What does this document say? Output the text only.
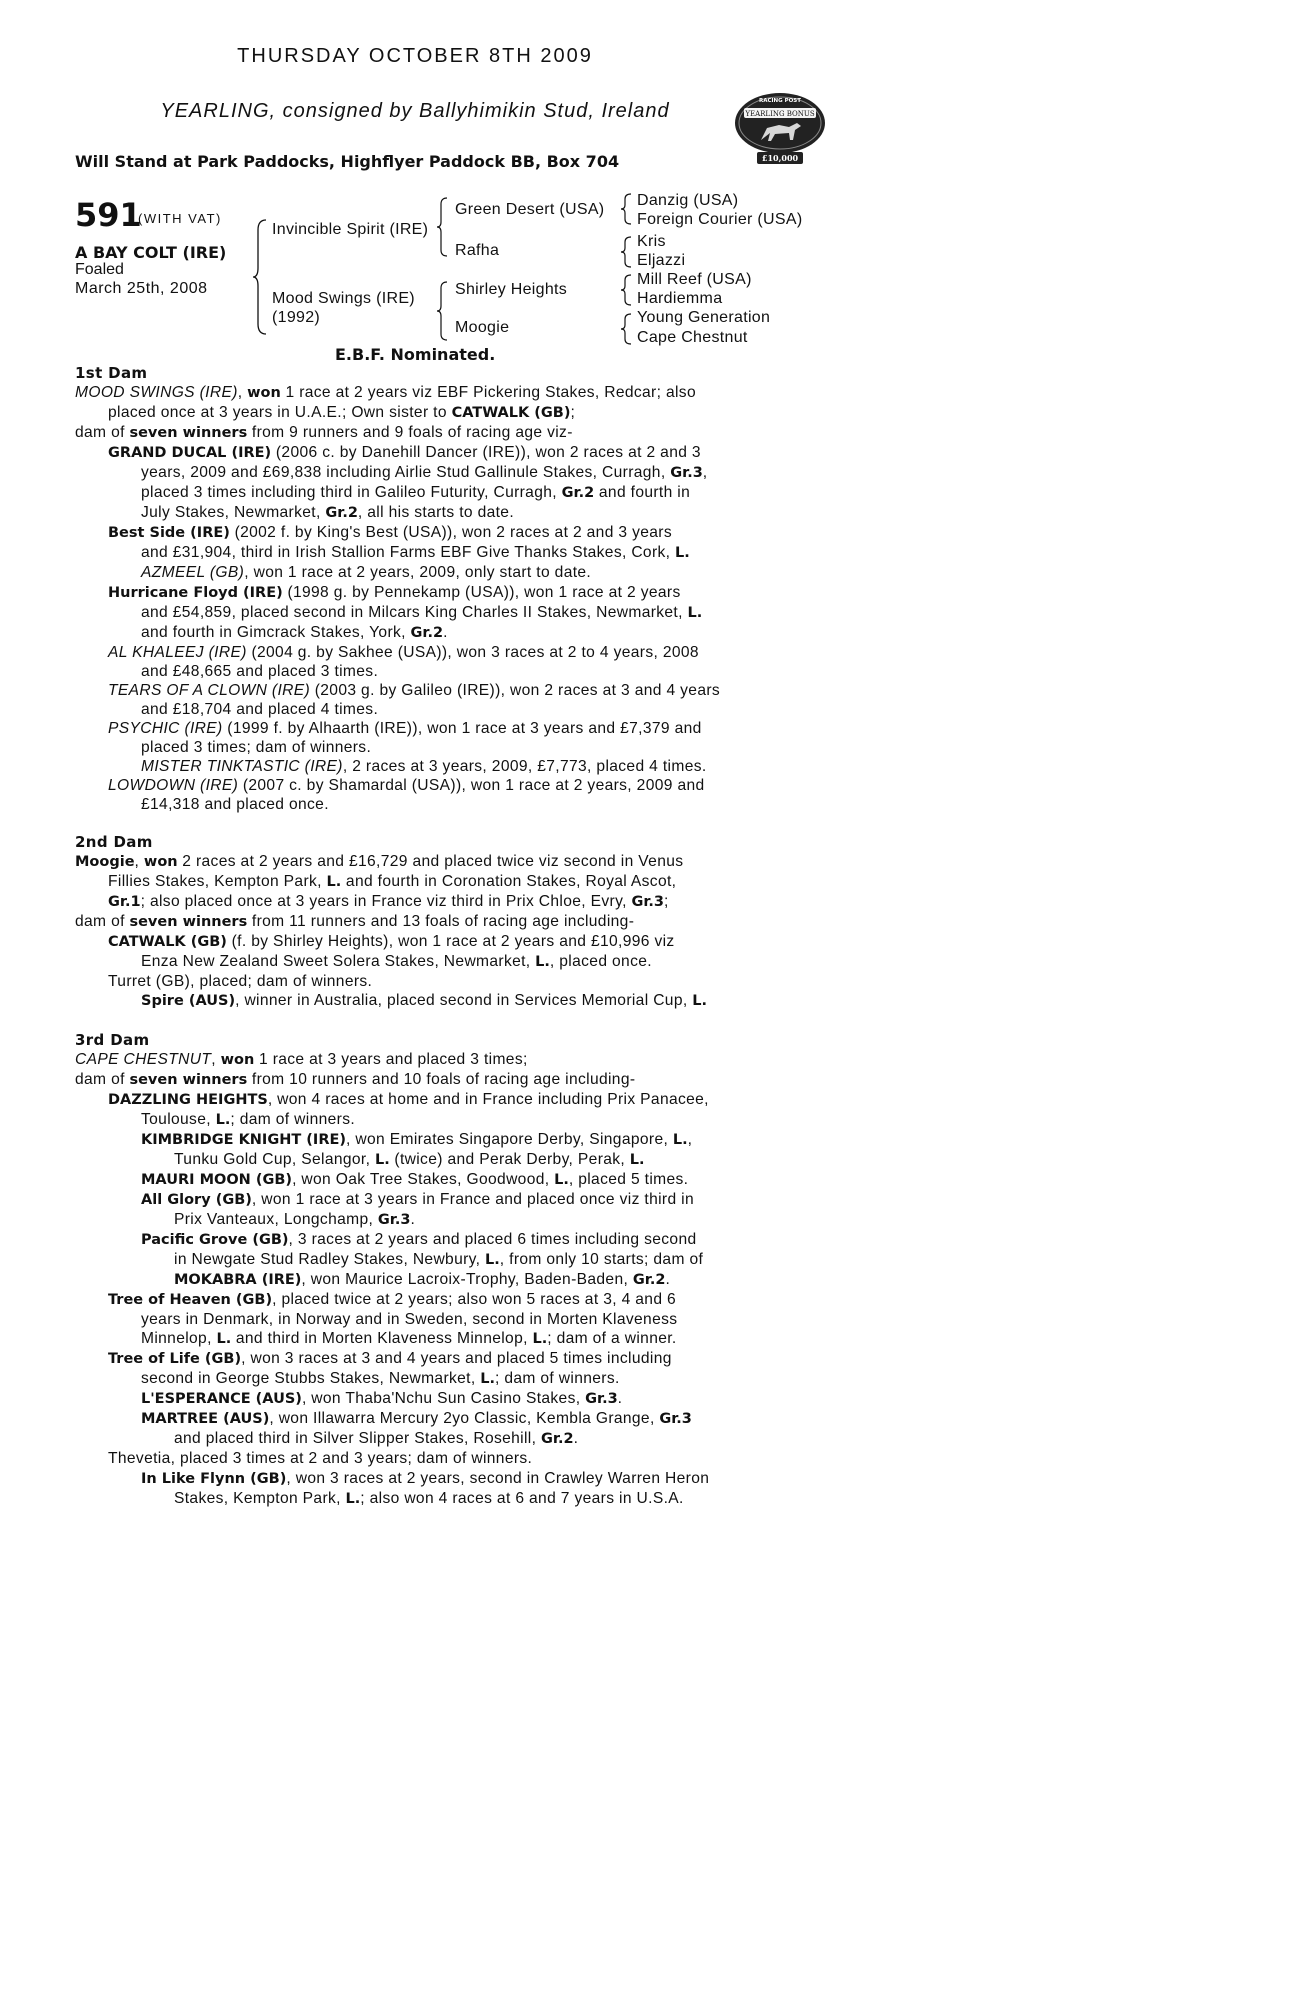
THURSDAY OCTOBER 8TH 2009
YEARLING, consigned by Ballyhimikin Stud, Ireland
Will Stand at Park Paddocks, Highflyer Paddock BB, Box 704
RACING POST
YEARLING BONUS
£10,000
591
(WITH VAT)
A BAY COLT (IRE)
Foaled
March 25th, 2008
Invincible Spirit (IRE)
Mood Swings (IRE)
(1992)
Green Desert (USA)
Rafha
Shirley Heights
Moogie
Danzig (USA)
Foreign Courier (USA)
Kris
Eljazzi
Mill Reef (USA)
Hardiemma
Young Generation
Cape Chestnut
E.B.F. Nominated.
1st Dam
MOOD SWINGS (IRE), won 1 race at 2 years viz EBF Pickering Stakes, Redcar; also
placed once at 3 years in U.A.E.; Own sister to CATWALK (GB);
dam of seven winners from 9 runners and 9 foals of racing age viz-
GRAND DUCAL (IRE) (2006 c. by Danehill Dancer (IRE)), won 2 races at 2 and 3
years, 2009 and £69,838 including Airlie Stud Gallinule Stakes, Curragh, Gr.3,
placed 3 times including third in Galileo Futurity, Curragh, Gr.2 and fourth in
July Stakes, Newmarket, Gr.2, all his starts to date.
Best Side (IRE) (2002 f. by King's Best (USA)), won 2 races at 2 and 3 years
and £31,904, third in Irish Stallion Farms EBF Give Thanks Stakes, Cork, L.
AZMEEL (GB), won 1 race at 2 years, 2009, only start to date.
Hurricane Floyd (IRE) (1998 g. by Pennekamp (USA)), won 1 race at 2 years
and £54,859, placed second in Milcars King Charles II Stakes, Newmarket, L.
and fourth in Gimcrack Stakes, York, Gr.2.
AL KHALEEJ (IRE) (2004 g. by Sakhee (USA)), won 3 races at 2 to 4 years, 2008
and £48,665 and placed 3 times.
TEARS OF A CLOWN (IRE) (2003 g. by Galileo (IRE)), won 2 races at 3 and 4 years
and £18,704 and placed 4 times.
PSYCHIC (IRE) (1999 f. by Alhaarth (IRE)), won 1 race at 3 years and £7,379 and
placed 3 times; dam of winners.
MISTER TINKTASTIC (IRE), 2 races at 3 years, 2009, £7,773, placed 4 times.
LOWDOWN (IRE) (2007 c. by Shamardal (USA)), won 1 race at 2 years, 2009 and
£14,318 and placed once.
2nd Dam
Moogie, won 2 races at 2 years and £16,729 and placed twice viz second in Venus
Fillies Stakes, Kempton Park, L. and fourth in Coronation Stakes, Royal Ascot,
Gr.1; also placed once at 3 years in France viz third in Prix Chloe, Evry, Gr.3;
dam of seven winners from 11 runners and 13 foals of racing age including-
CATWALK (GB) (f. by Shirley Heights), won 1 race at 2 years and £10,996 viz
Enza New Zealand Sweet Solera Stakes, Newmarket, L., placed once.
Turret (GB), placed; dam of winners.
Spire (AUS), winner in Australia, placed second in Services Memorial Cup, L.
3rd Dam
CAPE CHESTNUT, won 1 race at 3 years and placed 3 times;
dam of seven winners from 10 runners and 10 foals of racing age including-
DAZZLING HEIGHTS, won 4 races at home and in France including Prix Panacee,
Toulouse, L.; dam of winners.
KIMBRIDGE KNIGHT (IRE), won Emirates Singapore Derby, Singapore, L.,
Tunku Gold Cup, Selangor, L. (twice) and Perak Derby, Perak, L.
MAURI MOON (GB), won Oak Tree Stakes, Goodwood, L., placed 5 times.
All Glory (GB), won 1 race at 3 years in France and placed once viz third in
Prix Vanteaux, Longchamp, Gr.3.
Pacific Grove (GB), 3 races at 2 years and placed 6 times including second
in Newgate Stud Radley Stakes, Newbury, L., from only 10 starts; dam of
MOKABRA (IRE), won Maurice Lacroix-Trophy, Baden-Baden, Gr.2.
Tree of Heaven (GB), placed twice at 2 years; also won 5 races at 3, 4 and 6
years in Denmark, in Norway and in Sweden, second in Morten Klaveness
Minnelop, L. and third in Morten Klaveness Minnelop, L.; dam of a winner.
Tree of Life (GB), won 3 races at 3 and 4 years and placed 5 times including
second in George Stubbs Stakes, Newmarket, L.; dam of winners.
L'ESPERANCE (AUS), won Thaba'Nchu Sun Casino Stakes, Gr.3.
MARTREE (AUS), won Illawarra Mercury 2yo Classic, Kembla Grange, Gr.3
and placed third in Silver Slipper Stakes, Rosehill, Gr.2.
Thevetia, placed 3 times at 2 and 3 years; dam of winners.
In Like Flynn (GB), won 3 races at 2 years, second in Crawley Warren Heron
Stakes, Kempton Park, L.; also won 4 races at 6 and 7 years in U.S.A.
